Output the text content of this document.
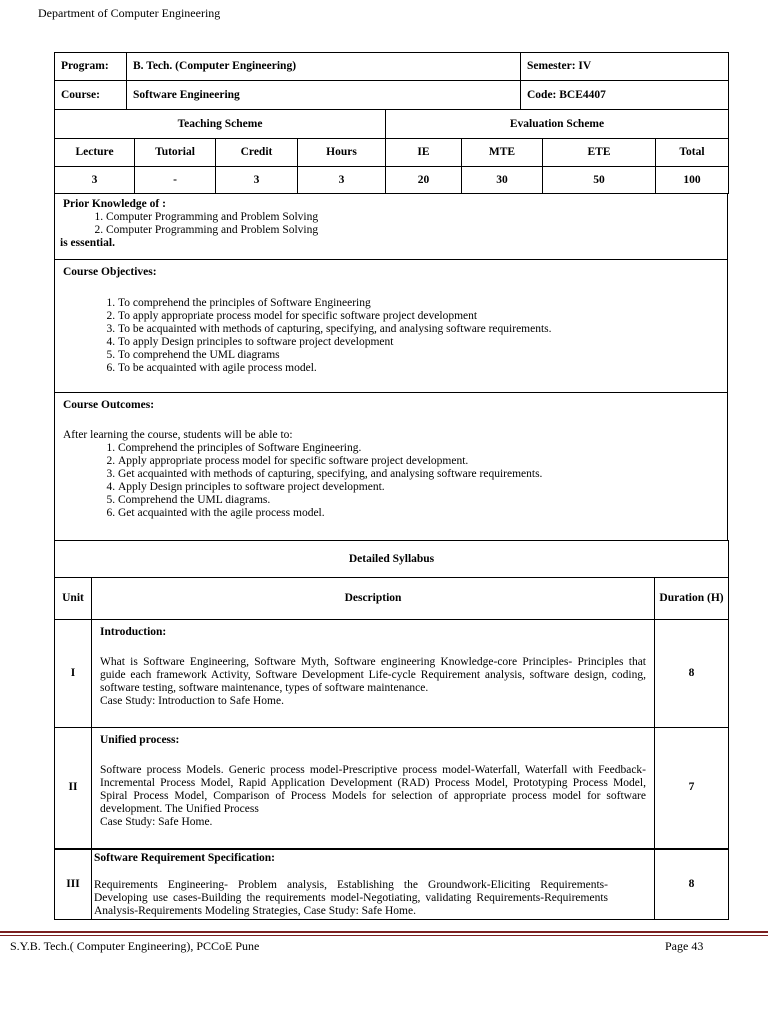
Department of Computer Engineering
Program:	B. Tech. (Computer Engineering)	Semester: IV
Course:	Software Engineering	Code: BCE4407
Teaching Scheme				Evaluation Scheme			
Lecture	Tutorial	Credit	Hours	IE	MTE	ETE	Total
3	-	3	3	20	30	50	100
Prior Knowledge of :
1. Computer Programming and Problem Solving
2. Computer Programming and Problem Solving
is essential.
Course Objectives:
1. To comprehend the principles of Software Engineering
2. To apply appropriate process model for specific software project development
3. To be acquainted with methods of capturing, specifying, and analysing software requirements.
4. To apply Design principles to software project development
5. To comprehend the UML diagrams
6. To be acquainted with agile process model.
Course Outcomes:
After learning the course, students will be able to:
1. Comprehend the principles of Software Engineering.
2. Apply appropriate process model for specific software project development.
3. Get acquainted with methods of capturing, specifying, and analysing software requirements.
4. Apply Design principles to software project development.
5. Comprehend the UML diagrams.
6. Get acquainted with the agile process model.
Detailed Syllabus		
Unit	Description	Duration (H)
I	Introduction:
What is Software Engineering, Software Myth, Software engineering Knowledge-core Principles- Principles that guide each framework Activity, Software Development Life-cycle Requirement analysis, software design, coding, software testing, software maintenance, types of software maintenance.
Case Study: Introduction to Safe Home.	8
II	Unified process:
Software process Models. Generic process model-Prescriptive process model-Waterfall, Waterfall with Feedback-Incremental Process Model, Rapid Application Development (RAD) Process Model, Prototyping Process Model, Spiral Process Model, Comparison of Process Models for selection of appropriate process model for software development. The Unified Process
Case Study: Safe Home.	7
III	Software Requirement Specification:
Requirements Engineering- Problem analysis, Establishing the Groundwork-Eliciting Requirements- Developing use cases-Building the requirements model-Negotiating, validating Requirements-Requirements Analysis-Requirements Modeling Strategies, Case Study: Safe Home.	8
S.Y.B. Tech.( Computer Engineering), PCCoE Pune	Page 43
